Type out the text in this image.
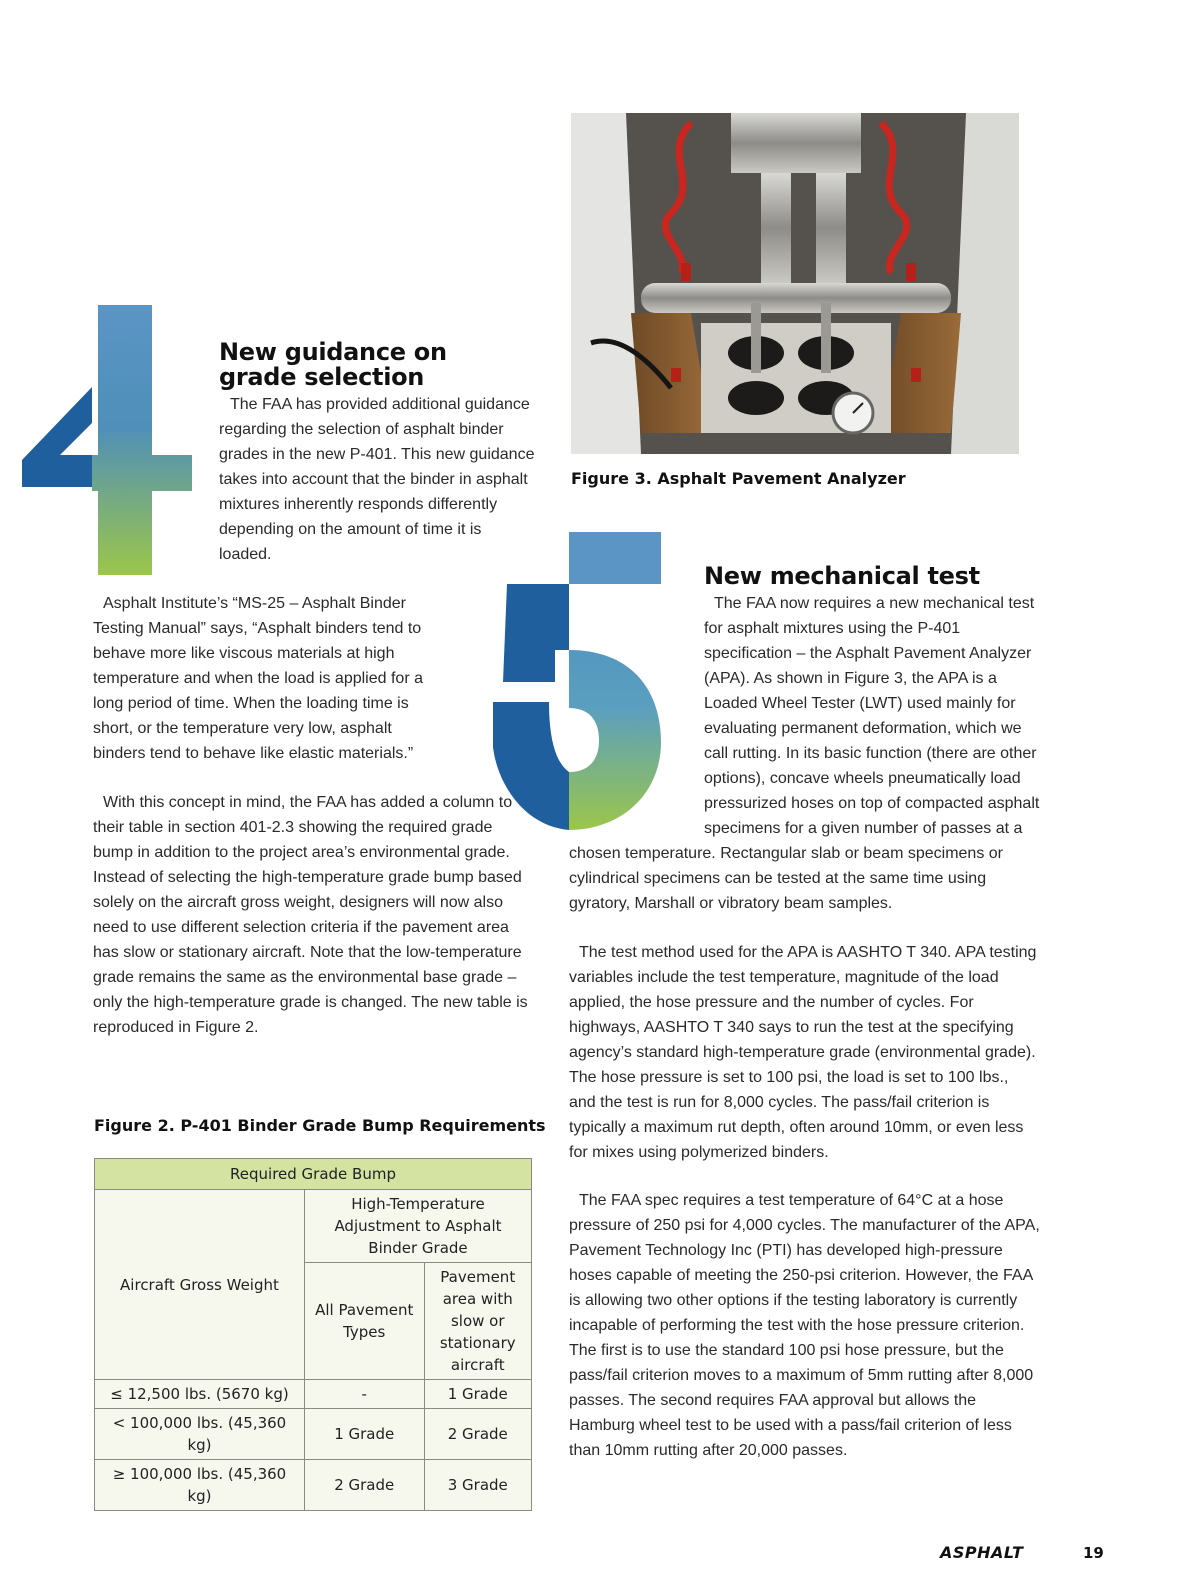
New guidance on
grade selection

The FAA has provided additional guidance regarding the selection of asphalt binder grades in the new P-401. This new guidance takes into account that the binder in asphalt mixtures inherently responds differently depending on the amount of time it is loaded.

Asphalt Institute’s “MS-25 – Asphalt Binder Testing Manual” says, “Asphalt binders tend to behave more like viscous materials at high temperature and when the load is applied for a long period of time. When the loading time is short, or the temperature very low, asphalt binders tend to behave like elastic materials.”

With this concept in mind, the FAA has added a column to their table in section 401-2.3 showing the required grade bump in addition to the project area’s environmental grade. Instead of selecting the high-temperature grade bump based solely on the aircraft gross weight, designers will now also need to use different selection criteria if the pavement area has slow or stationary aircraft. Note that the low-temperature grade remains the same as the environmental base grade – only the high-temperature grade is changed. The new table is reproduced in Figure 2.

Figure 2. P-401 Binder Grade Bump Requirements
Required Grade Bump		
Aircraft Gross Weight	High-Temperature Adjustment to Asphalt Binder Grade	
	All Pavement Types	Pavement area with slow or stationary aircraft
≤ 12,500 lbs. (5670 kg)	-	1 Grade
< 100,000 lbs. (45,360 kg)	1 Grade	2 Grade
≥ 100,000 lbs. (45,360 kg)	2 Grade	3 Grade
Figure 3. Asphalt Pavement Analyzer
New mechanical test

The FAA now requires a new mechanical test for asphalt mixtures using the P-401 specification – the Asphalt Pavement Analyzer (APA). As shown in Figure 3, the APA is a Loaded Wheel Tester (LWT) used mainly for evaluating permanent deformation, which we call rutting. In its basic function (there are other options), concave wheels pneumatically load pressurized hoses on top of compacted asphalt specimens for a given number of passes at a chosen temperature. Rectangular slab or beam specimens or cylindrical specimens can be tested at the same time using gyratory, Marshall or vibratory beam samples.

The test method used for the APA is AASHTO T 340. APA testing variables include the test temperature, magnitude of the load applied, the hose pressure and the number of cycles. For highways, AASHTO T 340 says to run the test at the specifying agency’s standard high-temperature grade (environmental grade). The hose pressure is set to 100 psi, the load is set to 100 lbs., and the test is run for 8,000 cycles. The pass/fail criterion is typically a maximum rut depth, often around 10mm, or even less for mixes using polymerized binders.

The FAA spec requires a test temperature of 64°C at a hose pressure of 250 psi for 4,000 cycles. The manufacturer of the APA, Pavement Technology Inc (PTI) has developed high-pressure hoses capable of meeting the 250-psi criterion. However, the FAA is allowing two other options if the testing laboratory is currently incapable of performing the test with the hose pressure criterion. The first is to use the standard 100 psi hose pressure, but the pass/fail criterion moves to a maximum of 5mm rutting after 8,000 passes. The second requires FAA approval but allows the Hamburg wheel test to be used with a pass/fail criterion of less than 10mm rutting after 20,000 passes.

ASPHALT	19
